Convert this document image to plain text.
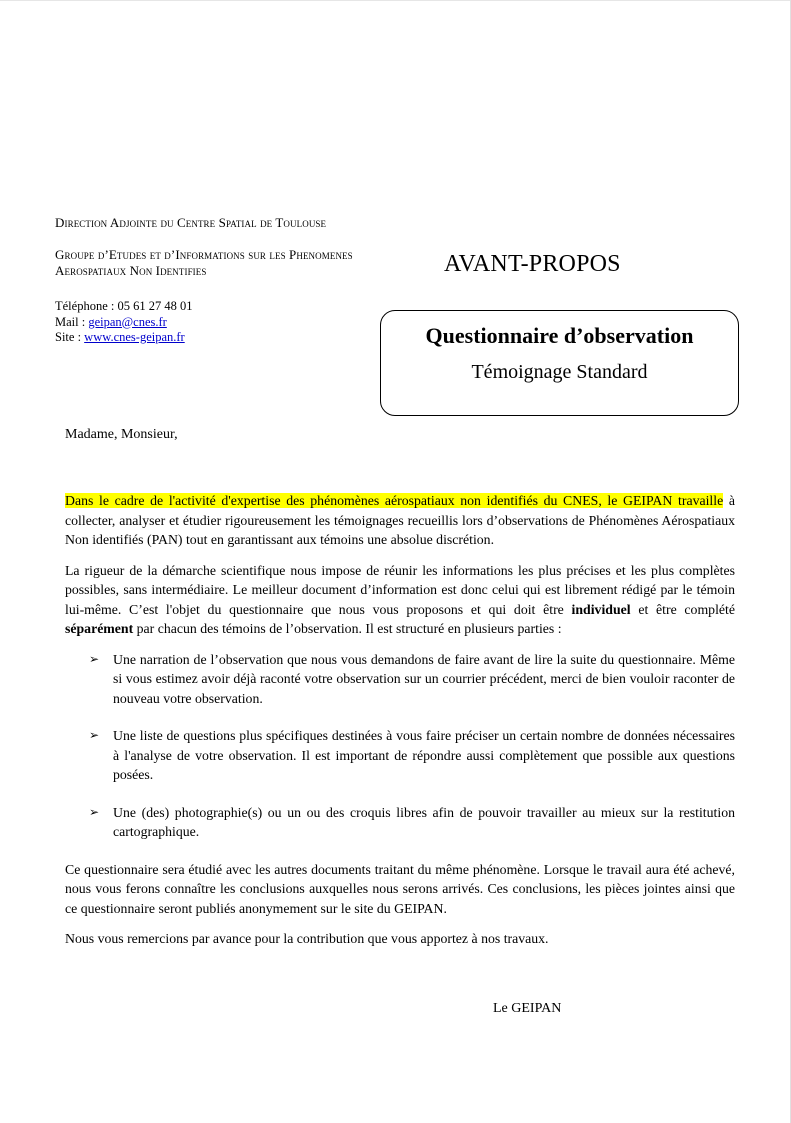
Direction Adjointe du Centre Spatial de Toulouse
Groupe d’Etudes et d’Informations sur les Phenomenes Aerospatiaux Non Identifies
Téléphone : 05 61 27 48 01
Mail : geipan@cnes.fr
Site : www.cnes-geipan.fr
AVANT-PROPOS
Questionnaire d’observation
Témoignage Standard
Madame, Monsieur,

Dans le cadre de l'activité d'expertise des phénomènes aérospatiaux non identifiés du CNES, le GEIPAN travaille à collecter, analyser et étudier rigoureusement les témoignages recueillis lors d’observations de Phénomènes Aérospatiaux Non identifiés (PAN) tout en garantissant aux témoins une absolue discrétion.

La rigueur de la démarche scientifique nous impose de réunir les informations les plus précises et les plus complètes possibles, sans intermédiaire. Le meilleur document d’information est donc celui qui est librement rédigé par le témoin lui-même. C’est l'objet du questionnaire que nous vous proposons et qui doit être individuel et être complété séparément par chacun des témoins de l’observation. Il est structuré en plusieurs parties :

➢ Une narration de l’observation que nous vous demandons de faire avant de lire la suite du questionnaire. Même si vous estimez avoir déjà raconté votre observation sur un courrier précédent, merci de bien vouloir raconter de nouveau votre observation.
➢ Une liste de questions plus spécifiques destinées à vous faire préciser un certain nombre de données nécessaires à l'analyse de votre observation. Il est important de répondre aussi complètement que possible aux questions posées.
➢ Une (des) photographie(s) ou un ou des croquis libres afin de pouvoir travailler au mieux sur la restitution cartographique.

Ce questionnaire sera étudié avec les autres documents traitant du même phénomène. Lorsque le travail aura été achevé, nous vous ferons connaître les conclusions auxquelles nous serons arrivés. Ces conclusions, les pièces jointes ainsi que ce questionnaire seront publiés anonymement sur le site du GEIPAN.

Nous vous remercions par avance pour la contribution que vous apportez à nos travaux.

Le GEIPAN
